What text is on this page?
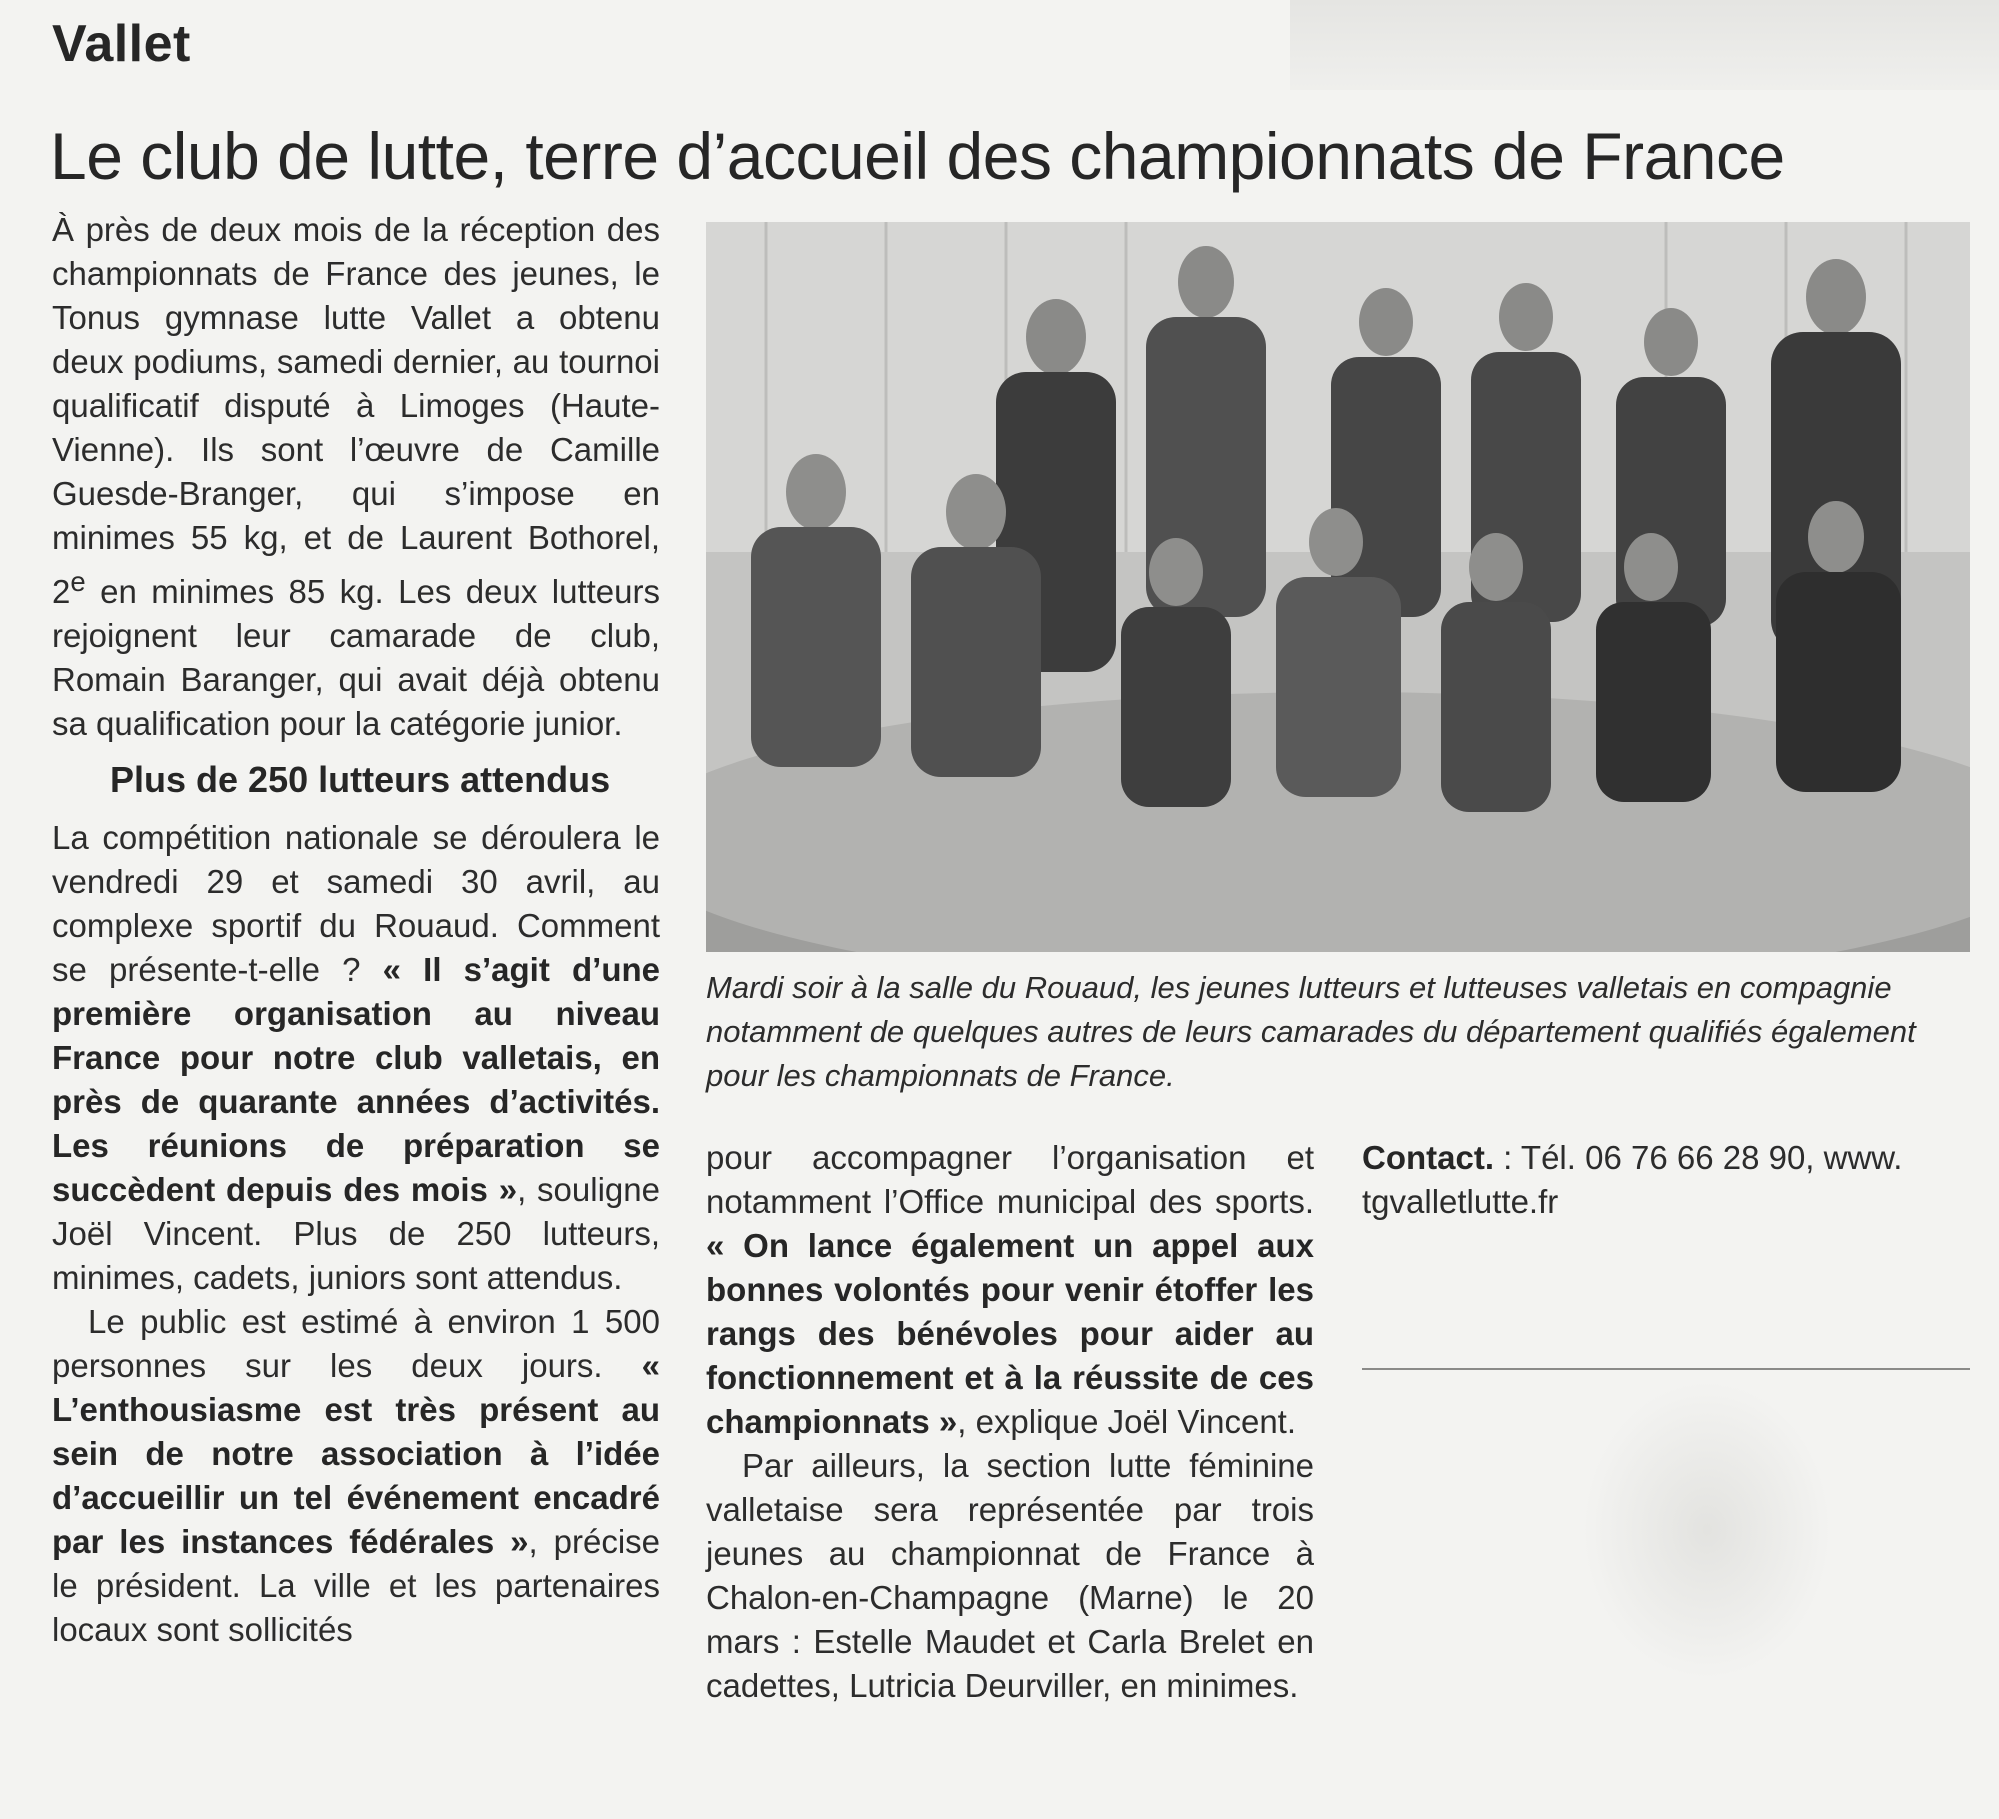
Vallet
Le club de lutte, terre d’accueil des championnats de France

À près de deux mois de la réception des championnats de France des jeunes, le Tonus gymnase lutte Vallet a obtenu deux podiums, samedi dernier, au tournoi qualificatif disputé à Limoges (Haute-Vienne). Ils sont l’œuvre de Camille Guesde-Branger, qui s’impose en minimes 55 kg, et de Laurent Bothorel, 2e en minimes 85 kg. Les deux lutteurs rejoignent leur camarade de club, Romain Baranger, qui avait déjà obtenu sa qualification pour la catégorie junior.

Plus de 250 lutteurs attendus

La compétition nationale se déroulera le vendredi 29 et samedi 30 avril, au complexe sportif du Rouaud. Comment se présente-t-elle ? « Il s’agit d’une première organisation au niveau France pour notre club valletais, en près de quarante années d’activités. Les réunions de préparation se succèdent depuis des mois », souligne Joël Vincent. Plus de 250 lutteurs, minimes, cadets, juniors sont attendus.

Le public est estimé à environ 1 500 personnes sur les deux jours. « L’enthousiasme est très présent au sein de notre association à l’idée d’accueillir un tel événement encadré par les instances fédérales », précise le président. La ville et les partenaires locaux sont sollicités

Mardi soir à la salle du Rouaud, les jeunes lutteurs et lutteuses valletais en compagnie notamment de quelques autres de leurs camarades du département qualifiés également pour les championnats de France.

pour accompagner l’organisation et notamment l’Office municipal des sports. « On lance également un appel aux bonnes volontés pour venir étoffer les rangs des bénévoles pour aider au fonctionnement et à la réussite de ces championnats », explique Joël Vincent.

Par ailleurs, la section lutte féminine valletaise sera représentée par trois jeunes au championnat de France à Chalon-en-Champagne (Marne) le 20 mars : Estelle Maudet et Carla Brelet en cadettes, Lutricia Deurviller, en minimes.

Contact. : Tél. 06 76 66 28 90, www. tgvalletlutte.fr
